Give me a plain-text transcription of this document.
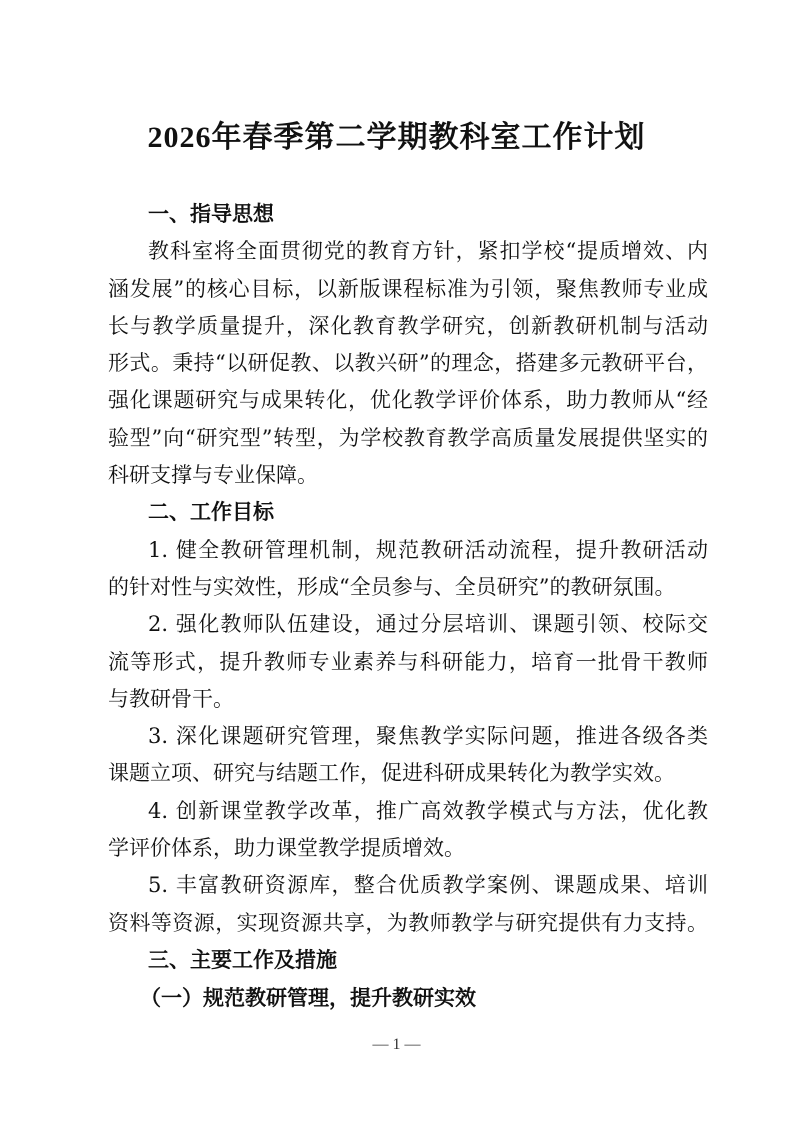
2026年春季第二学期教科室工作计划
一、指导思想
教科室将全面贯彻党的教育方针，紧扣学校“提质增效、内
涵发展”的核心目标，以新版课程标准为引领，聚焦教师专业成
长与教学质量提升，深化教育教学研究，创新教研机制与活动
形式。秉持“以研促教、以教兴研”的理念，搭建多元教研平台，
强化课题研究与成果转化，优化教学评价体系，助力教师从“经
验型”向“研究型”转型，为学校教育教学高质量发展提供坚实的
科研支撑与专业保障。
二、工作目标
1. 健全教研管理机制，规范教研活动流程，提升教研活动
的针对性与实效性，形成“全员参与、全员研究”的教研氛围。
2. 强化教师队伍建设，通过分层培训、课题引领、校际交
流等形式，提升教师专业素养与科研能力，培育一批骨干教师
与教研骨干。
3. 深化课题研究管理，聚焦教学实际问题，推进各级各类
课题立项、研究与结题工作，促进科研成果转化为教学实效。
4. 创新课堂教学改革，推广高效教学模式与方法，优化教
学评价体系，助力课堂教学提质增效。
5. 丰富教研资源库，整合优质教学案例、课题成果、培训
资料等资源，实现资源共享，为教师教学与研究提供有力支持。
三、主要工作及措施
（一）规范教研管理，提升教研实效
— 1 —
